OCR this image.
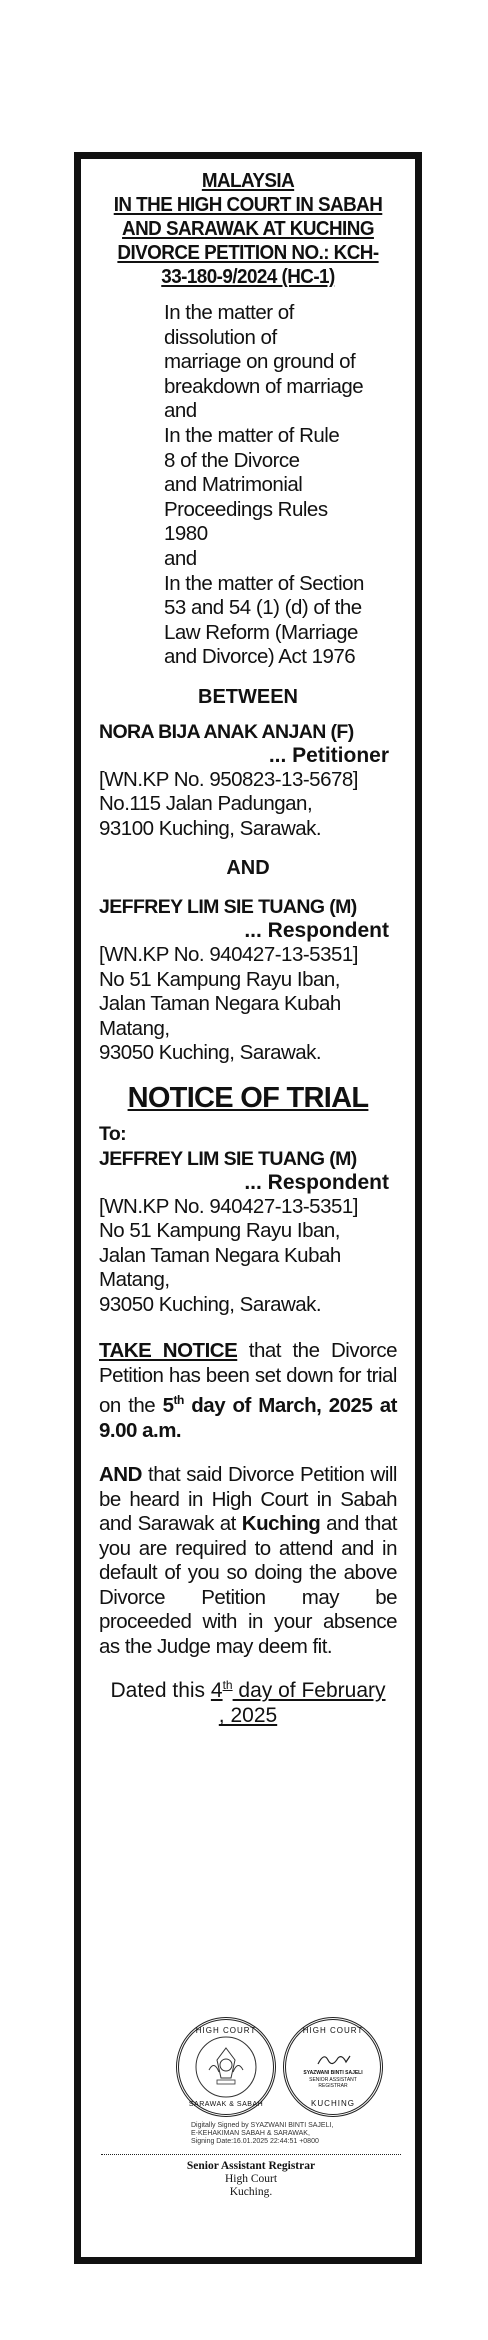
MALAYSIA
IN THE HIGH COURT IN SABAH
AND SARAWAK AT KUCHING
DIVORCE PETITION NO.: KCH-
33-180-9/2024 (HC-1)
In the matter of
dissolution of
marriage on ground of
breakdown of marriage
and
In the matter of Rule
8 of the Divorce
and Matrimonial
Proceedings Rules
1980
and
In the matter of Section
53 and 54 (1) (d) of the
Law Reform (Marriage
and Divorce) Act 1976
BETWEEN
NORA BIJA ANAK ANJAN (F)
... Petitioner
[WN.KP No. 950823-13-5678]
No.115 Jalan Padungan,
93100 Kuching, Sarawak.
AND
JEFFREY LIM SIE TUANG (M)
... Respondent
[WN.KP No. 940427-13-5351]
No 51 Kampung Rayu Iban,
Jalan Taman Negara Kubah
Matang,
93050 Kuching, Sarawak.
NOTICE OF TRIAL
To:
JEFFREY LIM SIE TUANG (M)
... Respondent
[WN.KP No. 940427-13-5351]
No 51 Kampung Rayu Iban,
Jalan Taman Negara Kubah
Matang,
93050 Kuching, Sarawak.
TAKE NOTICE that the Divorce Petition has been set down for trial on the 5th day of March, 2025 at 9.00 a.m.
AND that said Divorce Petition will be heard in High Court in Sabah and Sarawak at Kuching and that you are required to attend and in default of you so doing the above Divorce Petition may be proceeded with in your absence as the Judge may deem fit.
Dated this 4th day of February
, 2025
HIGH COURT
SARAWAK & SABAH
HIGH COURT
SYAZWANI BINTI SAJELI
SENIOR ASSISTANT
REGISTRAR
KUCHING
Digitally Signed by SYAZWANI BINTI SAJELI,
E-KEHAKIMAN SABAH & SARAWAK,
Signing Date:16.01.2025 22:44:51 +0800
Senior Assistant Registrar
High Court
Kuching.
